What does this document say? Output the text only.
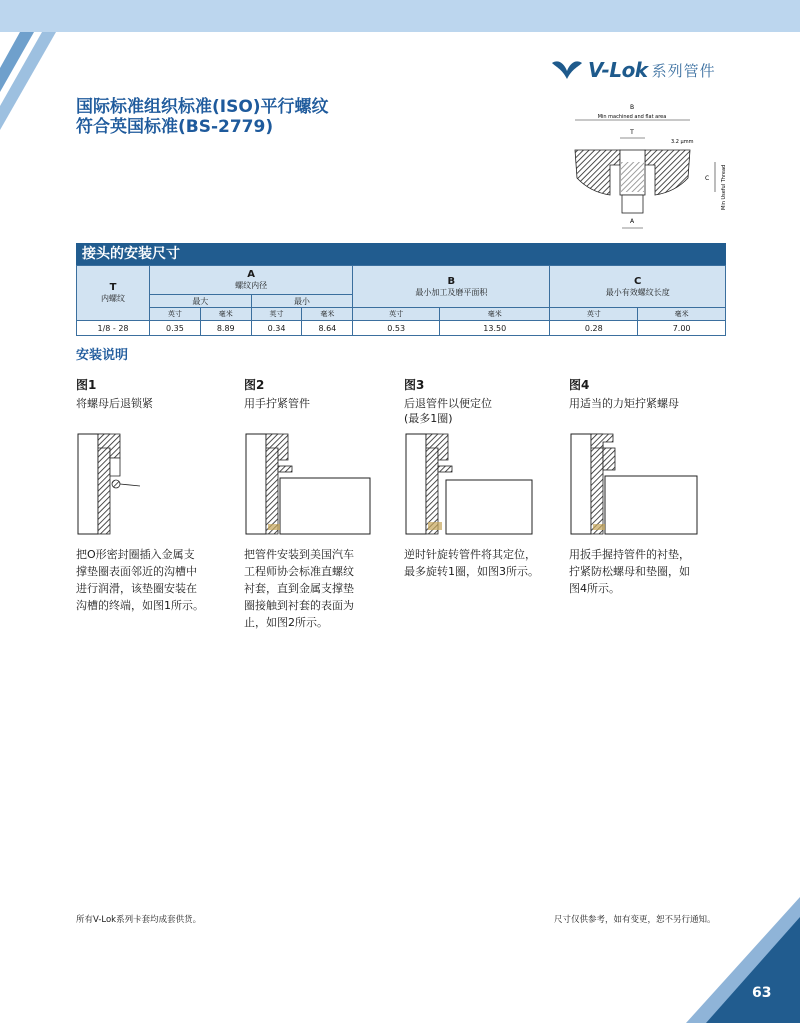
V-Lok 系列管件
国际标准组织标准(ISO)平行螺纹
符合英国标准(BS-2779)
B
Min machined and flat area
T
3.2 µmm
C Min Useful Thread
A
接头的安装尺寸
T
内螺纹	A
螺纹内径				B
最小加工及磨平面积		C
最小有效螺纹长度	
	最大		最小					
	英寸	毫米	英寸	毫米	英寸	毫米	英寸	毫米
1/8 - 28	0.35	8.89	0.34	8.64	0.53	13.50	0.28	7.00
安装说明
图1
将螺母后退锁紧
图2
用手拧紧管件
图3
后退管件以便定位
(最多1圈)
图4
用适当的力矩拧紧螺母
把O形密封圈插入金属支
撑垫圈表面邻近的沟槽中
进行润滑，该垫圈安装在
沟槽的终端，如图1所示。
把管件安装到美国汽车
工程师协会标准直螺纹
衬套，直到金属支撑垫
圈接触到衬套的表面为
止，如图2所示。
逆时针旋转管件将其定位，
最多旋转1圈，如图3所示。
用扳手握持管件的衬垫，
拧紧防松螺母和垫圈，如
图4所示。
所有V-Lok系列卡套均成套供货。	尺寸仅供参考，如有变更，恕不另行通知。
63
